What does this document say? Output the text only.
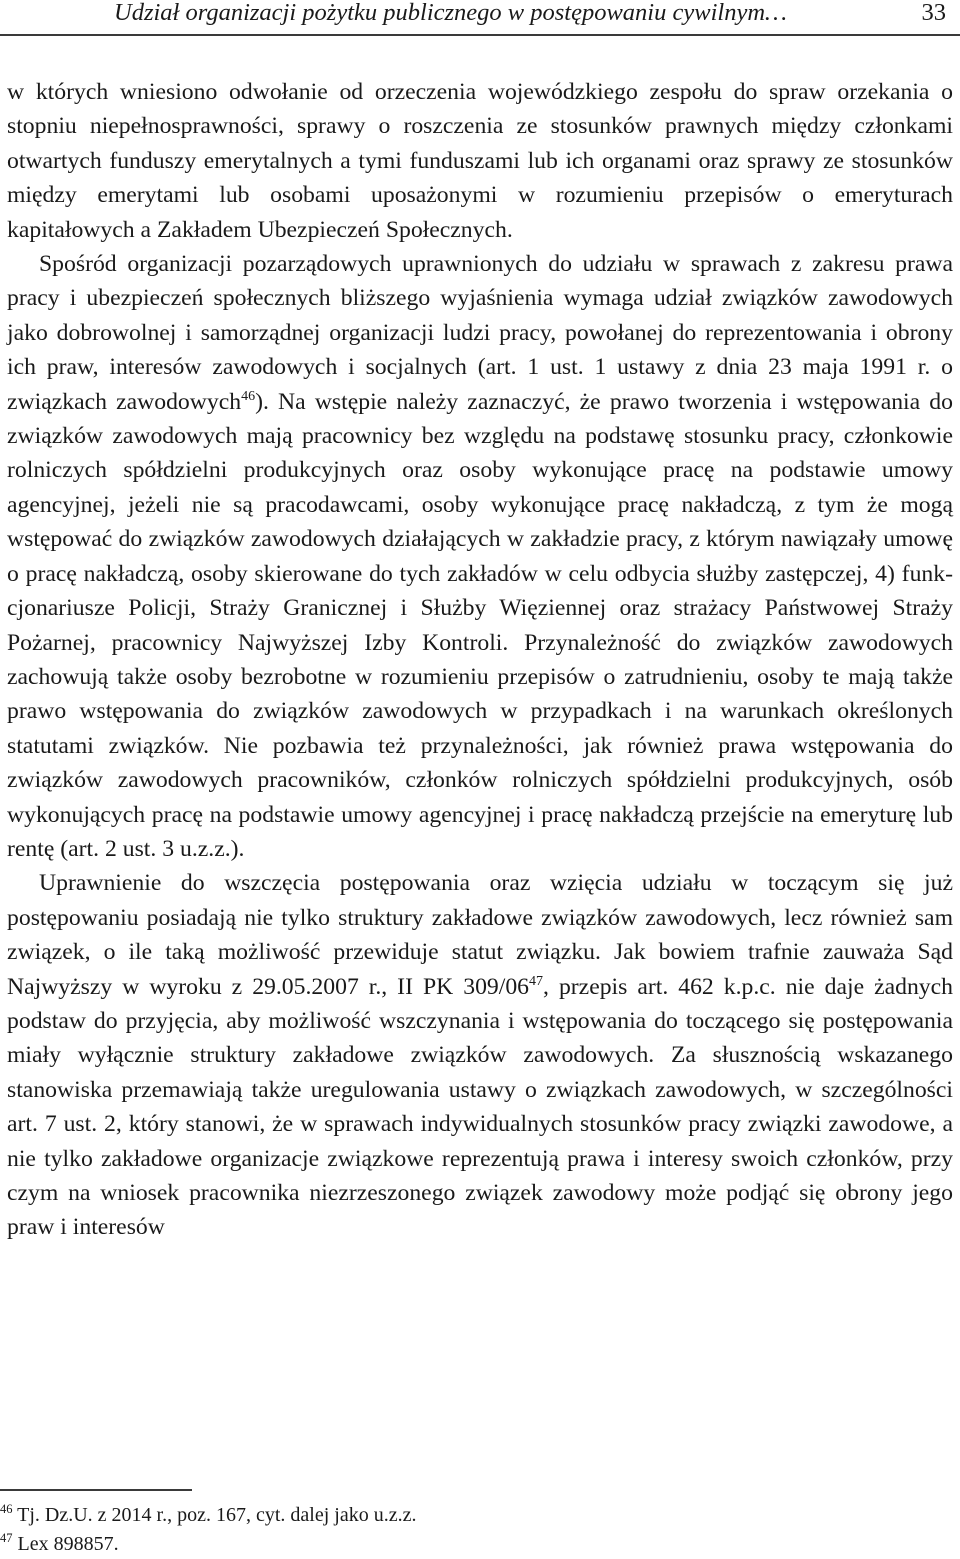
Udział organizacji pożytku publicznego w postępowaniu cywilnym…	33

w których wniesiono odwołanie od orzeczenia wojewódzkiego zespołu do spraw orzekania o stopniu niepełnosprawności, sprawy o roszczenia ze stosunków prawnych między członkami otwartych funduszy emerytalnych a tymi funduszami lub ich organami oraz sprawy ze stosunków między emerytami lub osobami uposażonymi w rozumieniu przepisów o emeryturach kapitałowych a Zakładem Ubezpieczeń Społecznych.

Spośród organizacji pozarządowych uprawnionych do udziału w sprawach z zakresu prawa pracy i ubezpieczeń społecznych bliższego wyjaśnienia wymaga udział związków zawodowych jako dobrowolnej i samorządnej organizacji ludzi pracy, powołanej do reprezentowania i obrony ich praw, interesów zawodowych i socjalnych (art. 1 ust. 1 ustawy z dnia 23 maja 1991 r. o związkach zawodowych$^{46}$). Na wstępie należy zaznaczyć, że prawo tworzenia i wstępowania do związków zawodowych mają pracownicy bez względu na podstawę stosunku pracy, członkowie rolniczych spółdzielni produkcyjnych oraz osoby wykonujące pracę na podstawie umowy agencyjnej, jeżeli nie są pracodawcami, osoby wykonujące pracę nakładczą, z tym że mogą wstępować do związków zawodowych działających w zakładzie pracy, z którym nawiązały umowę o pracę nakładczą, osoby skierowane do tych zakładów w celu odbycia służby zastępczej, 4) funkcjonariusze Policji, Straży Granicznej i Służby Więziennej oraz strażacy Państwowej Straży Pożarnej, pracownicy Najwyższej Izby Kontroli. Przynależność do związków zawodowych zachowują także osoby bezrobotne w rozumieniu przepisów o zatrudnieniu, osoby te mają także prawo wstępowania do związków zawodowych w przypadkach i na warunkach określonych statutami związków. Nie pozbawia też przynależności, jak również prawa wstępowania do związków zawodowych pracowników, członków rolniczych spółdzielni produkcyjnych, osób wykonujących pracę na podstawie umowy agencyjnej i pracę nakładczą przejście na emeryturę lub rentę (art. 2 ust. 3 u.z.z.).

Uprawnienie do wszczęcia postępowania oraz wzięcia udziału w toczącym się już postępowaniu posiadają nie tylko struktury zakładowe związków zawodowych, lecz również sam związek, o ile taką możliwość przewiduje statut związku. Jak bowiem trafnie zauważa Sąd Najwyższy w wyroku z 29.05.2007 r., II PK $309/06^{47}$, przepis art. 462 k.p.c. nie daje żadnych podstaw do przyjęcia, aby możliwość wszczynania i wstępowania do toczącego się postępowania miały wyłącznie struktury zakładowe związków zawodowych. Za słusznością wskazanego stanowiska przemawiają także uregulowania ustawy o związkach zawodowych, w szczególności art. 7 ust. 2, który stanowi, że w sprawach indywidualnych stosunków pracy związki zawodowe, a nie tylko zakładowe organizacje związkowe reprezentują prawa i interesy swoich członków, przy czym na wniosek pracownika niezrzeszonego związek zawodowy może podjąć się obrony jego praw i interesów

$^{46}$ Tj. Dz.U. z 2014 r., poz. 167, cyt. dalej jako u.z.z.
$^{47}$ Lex 898857.
